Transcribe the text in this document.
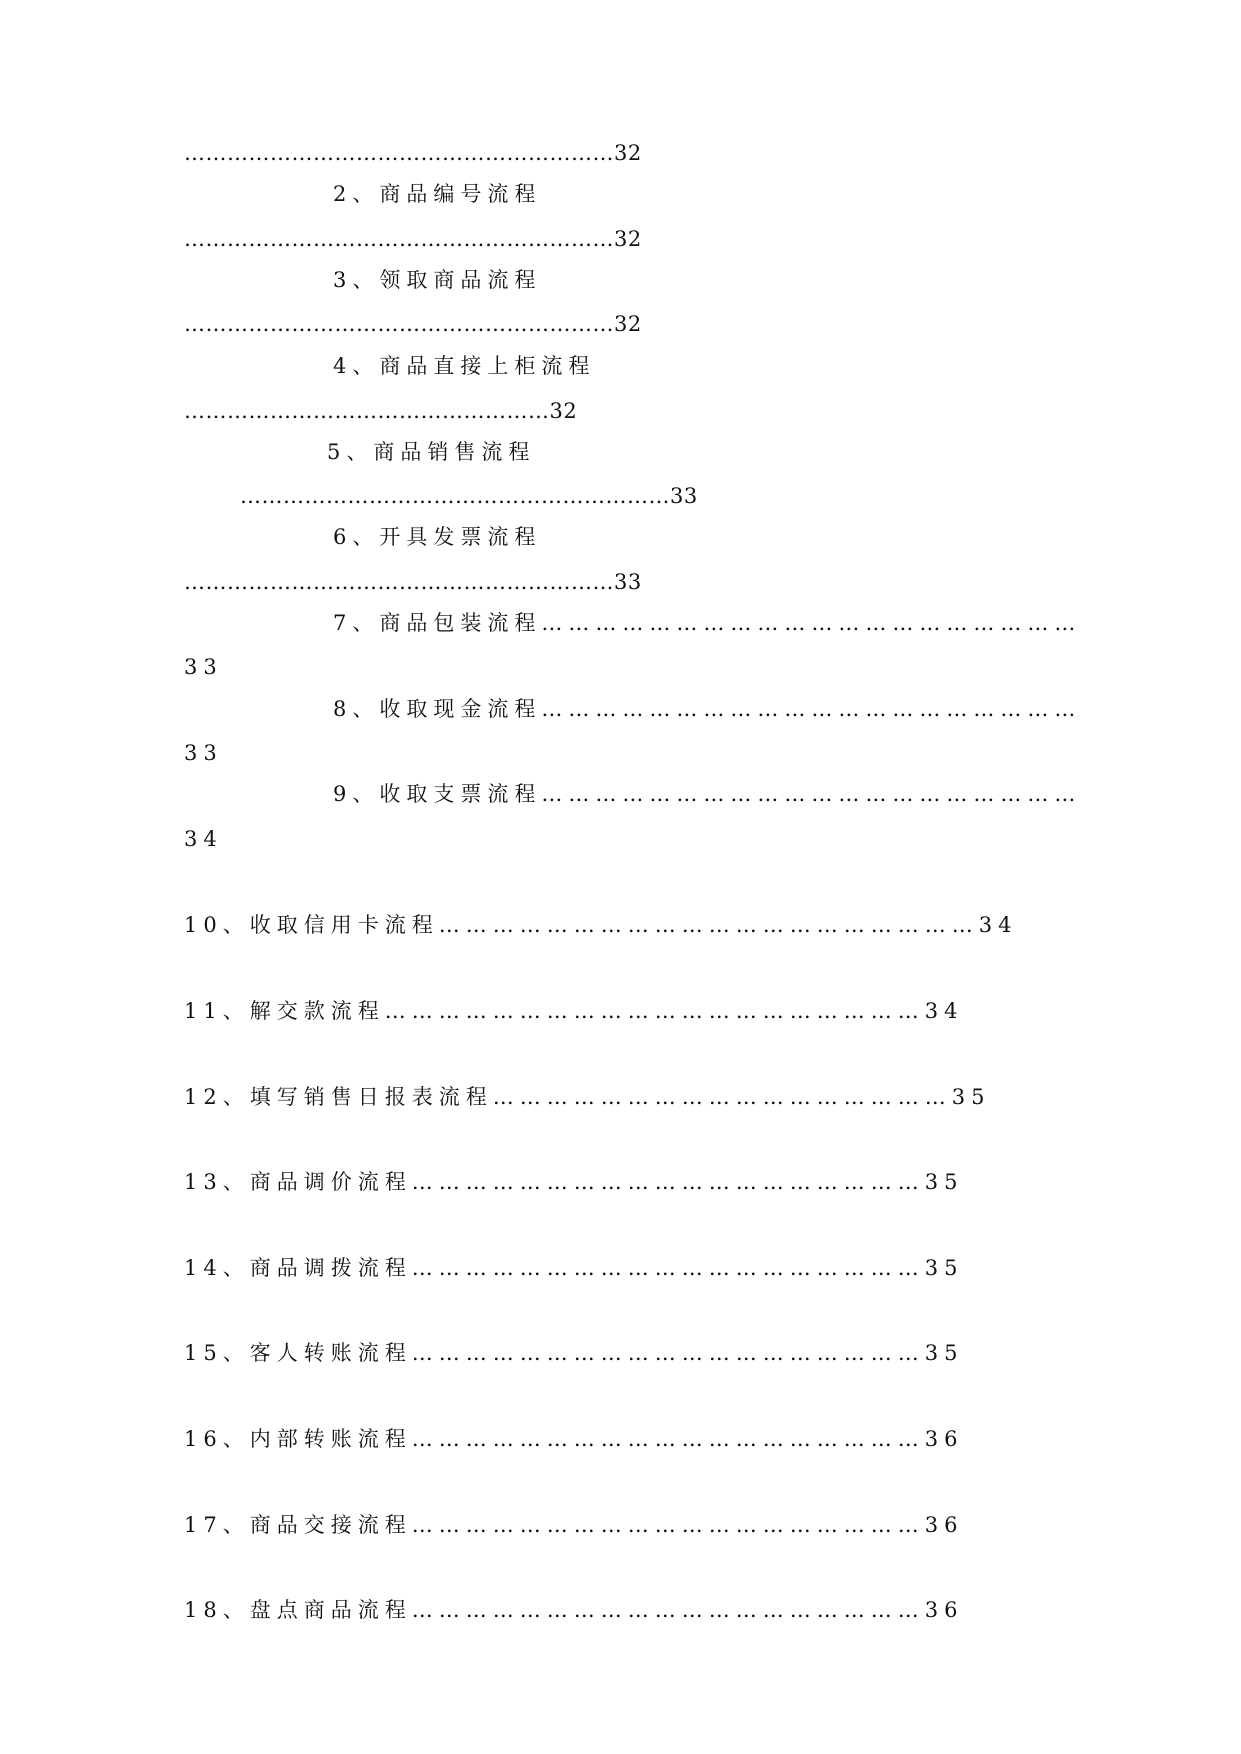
……………………………………………………32
2、商品编号流程
……………………………………………………32
3、领取商品流程
……………………………………………………32
4、商品直接上柜流程
……………………………………………32
5、商品销售流程
……………………………………………………33
6、开具发票流程
……………………………………………………33
7、商品包装流程……………………………………………………
33
8、收取现金流程……………………………………………………
33
9、收取支票流程……………………………………………………
34
10、收取信用卡流程……………………………………………………34
11、解交款流程……………………………………………………34
12、填写销售日报表流程……………………………………………35
13、商品调价流程…………………………………………………35
14、商品调拨流程…………………………………………………35
15、客人转账流程…………………………………………………35
16、内部转账流程…………………………………………………36
17、商品交接流程…………………………………………………36
18、盘点商品流程…………………………………………………36
